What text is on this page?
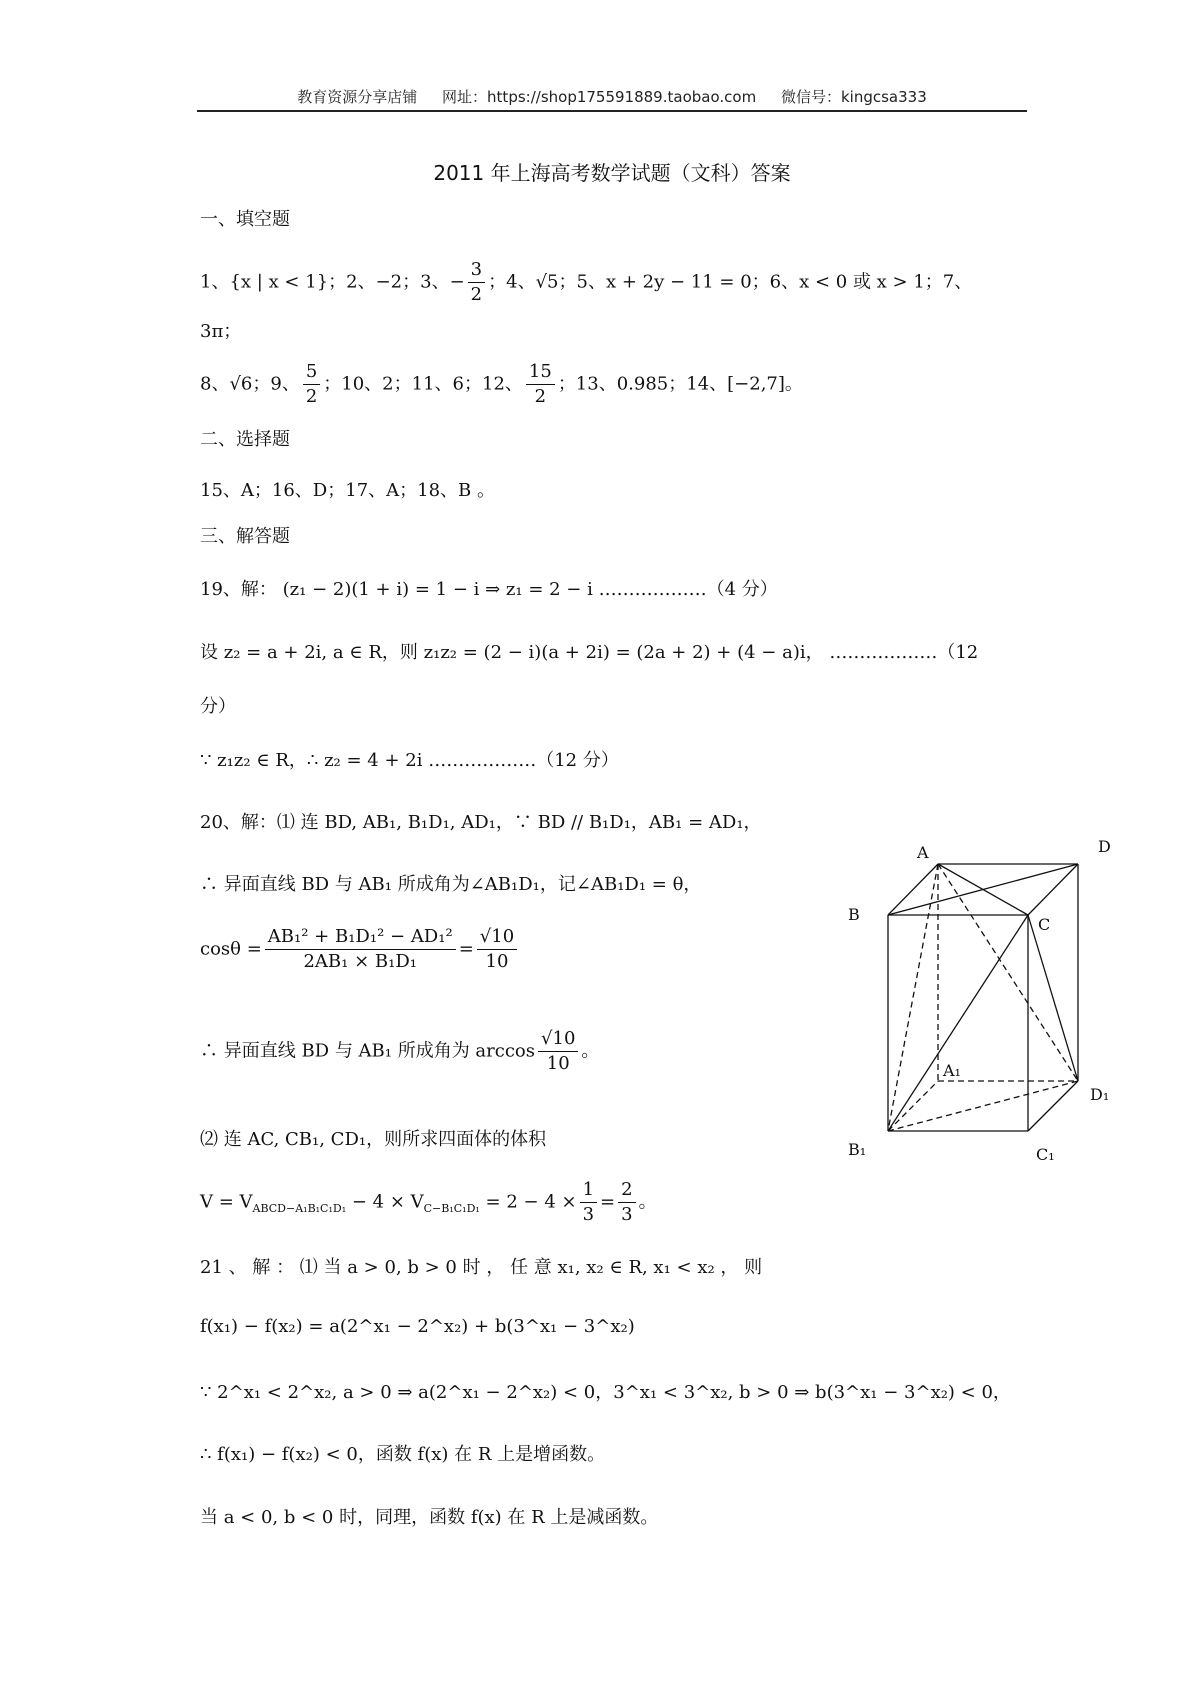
教育资源分享店铺 网址：https://shop175591889.taobao.com 微信号：kingcsa333
2011 年上海高考数学试题（文科）答案
一、填空题
1、{x | x < 1}；2、−2；3、− $\frac{3}{2}$ ；4、√5；5、x + 2y − 11 = 0；6、x < 0 或 x > 1；7、
3π；
8、√6；9、 $\frac{5}{2}$ ；10、2；11、6；12、 $\frac{15}{2}$ ；13、0.985；14、[−2,7]。
二、选择题
15、A；16、D；17、A；18、B 。
三、解答题
19、解： (z₁ − 2)(1 + i) = 1 − i ⇒ z₁ = 2 − i ………………（4 分）
设 z₂ = a + 2i, a ∈ R，则 z₁z₂ = (2 − i)(a + 2i) = (2a + 2) + (4 − a)i， ………………（12
分）
∵ z₁z₂ ∈ R，∴ z₂ = 4 + 2i ………………（12 分）
20、解：⑴ 连 BD, AB₁, B₁D₁, AD₁，∵ BD // B₁D₁，AB₁ = AD₁，
∴ 异面直线 BD 与 AB₁ 所成角为∠AB₁D₁，记∠AB₁D₁ = θ，
$\cos\theta = \frac{\text{AB₁² + B₁D₁² − AD₁²}}{\text{2AB₁ × B₁D₁}} = \frac{√10}{10}$
∴ 异面直线 BD 与 AB₁ 所成角为 $\arccos \frac{√10}{10}$ 。
⑵ 连 AC, CB₁, CD₁，则所求四面体的体积
$V = V_{ABCD-A_1B_1C_1D_1} - 4 \times V_{C-B_1C_1D_1} = 2 - 4 \times \frac{1}{3} = \frac{2}{3}$ 。
21 、 解 ： ⑴ 当 a > 0, b > 0 时 ， 任 意 x₁, x₂ ∈ R, x₁ < x₂ ， 则
f(x₁) − f(x₂) = a(2^x₁ − 2^x₂) + b(3^x₁ − 3^x₂)
∵ 2^x₁ < 2^x₂, a > 0 ⇒ a(2^x₁ − 2^x₂) < 0，3^x₁ < 3^x₂, b > 0 ⇒ b(3^x₁ − 3^x₂) < 0，
∴ f(x₁) − f(x₂) < 0，函数 f(x) 在 R 上是增函数。
当 a < 0, b < 0 时，同理，函数 f(x) 在 R 上是减函数。
A	D
B
C
A₁
D₁
B₁	C₁
